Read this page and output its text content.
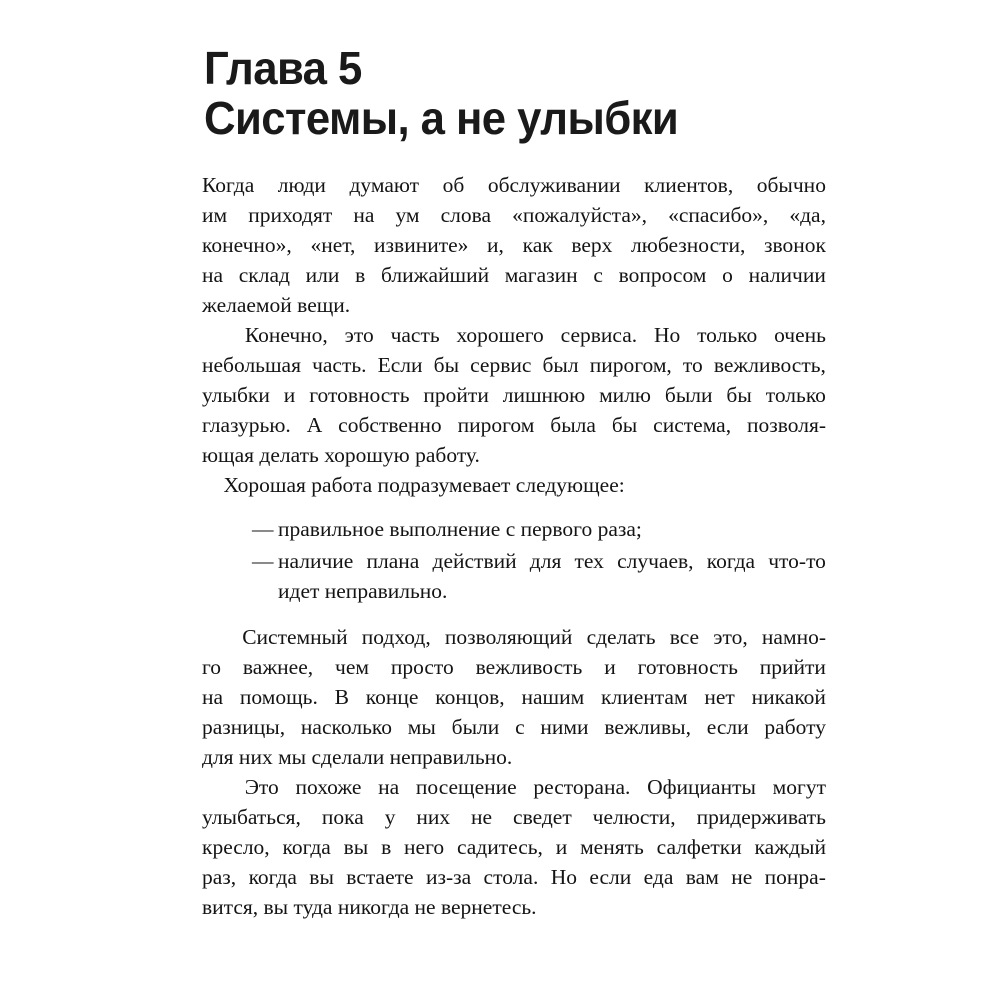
Глава 5
Системы, а не улыбки

Когда люди думают об обслуживании клиентов, обычно
им приходят на ум слова «пожалуйста», «спасибо», «да,
конечно», «нет, извините» и, как верх любезности, звонок
на склад или в ближайший магазин с вопросом о наличии
желаемой вещи.

Конечно, это часть хорошего сервиса. Но только очень
небольшая часть. Если бы сервис был пирогом, то вежливость,
улыбки и готовность пройти лишнюю милю были бы только
глазурью. А собственно пирогом была бы система, позволя-
ющая делать хорошую работу.

Хорошая работа подразумевает следующее:

— правильное выполнение с первого раза;
— наличие плана действий для тех случаев, когда что-то
идет неправильно.

Системный подход, позволяющий сделать все это, намно-
го важнее, чем просто вежливость и готовность прийти
на помощь. В конце концов, нашим клиентам нет никакой
разницы, насколько мы были с ними вежливы, если работу
для них мы сделали неправильно.

Это похоже на посещение ресторана. Официанты могут
улыбаться, пока у них не сведет челюсти, придерживать
кресло, когда вы в него садитесь, и менять салфетки каждый
раз, когда вы встаете из-за стола. Но если еда вам не понра-
вится, вы туда никогда не вернетесь.
